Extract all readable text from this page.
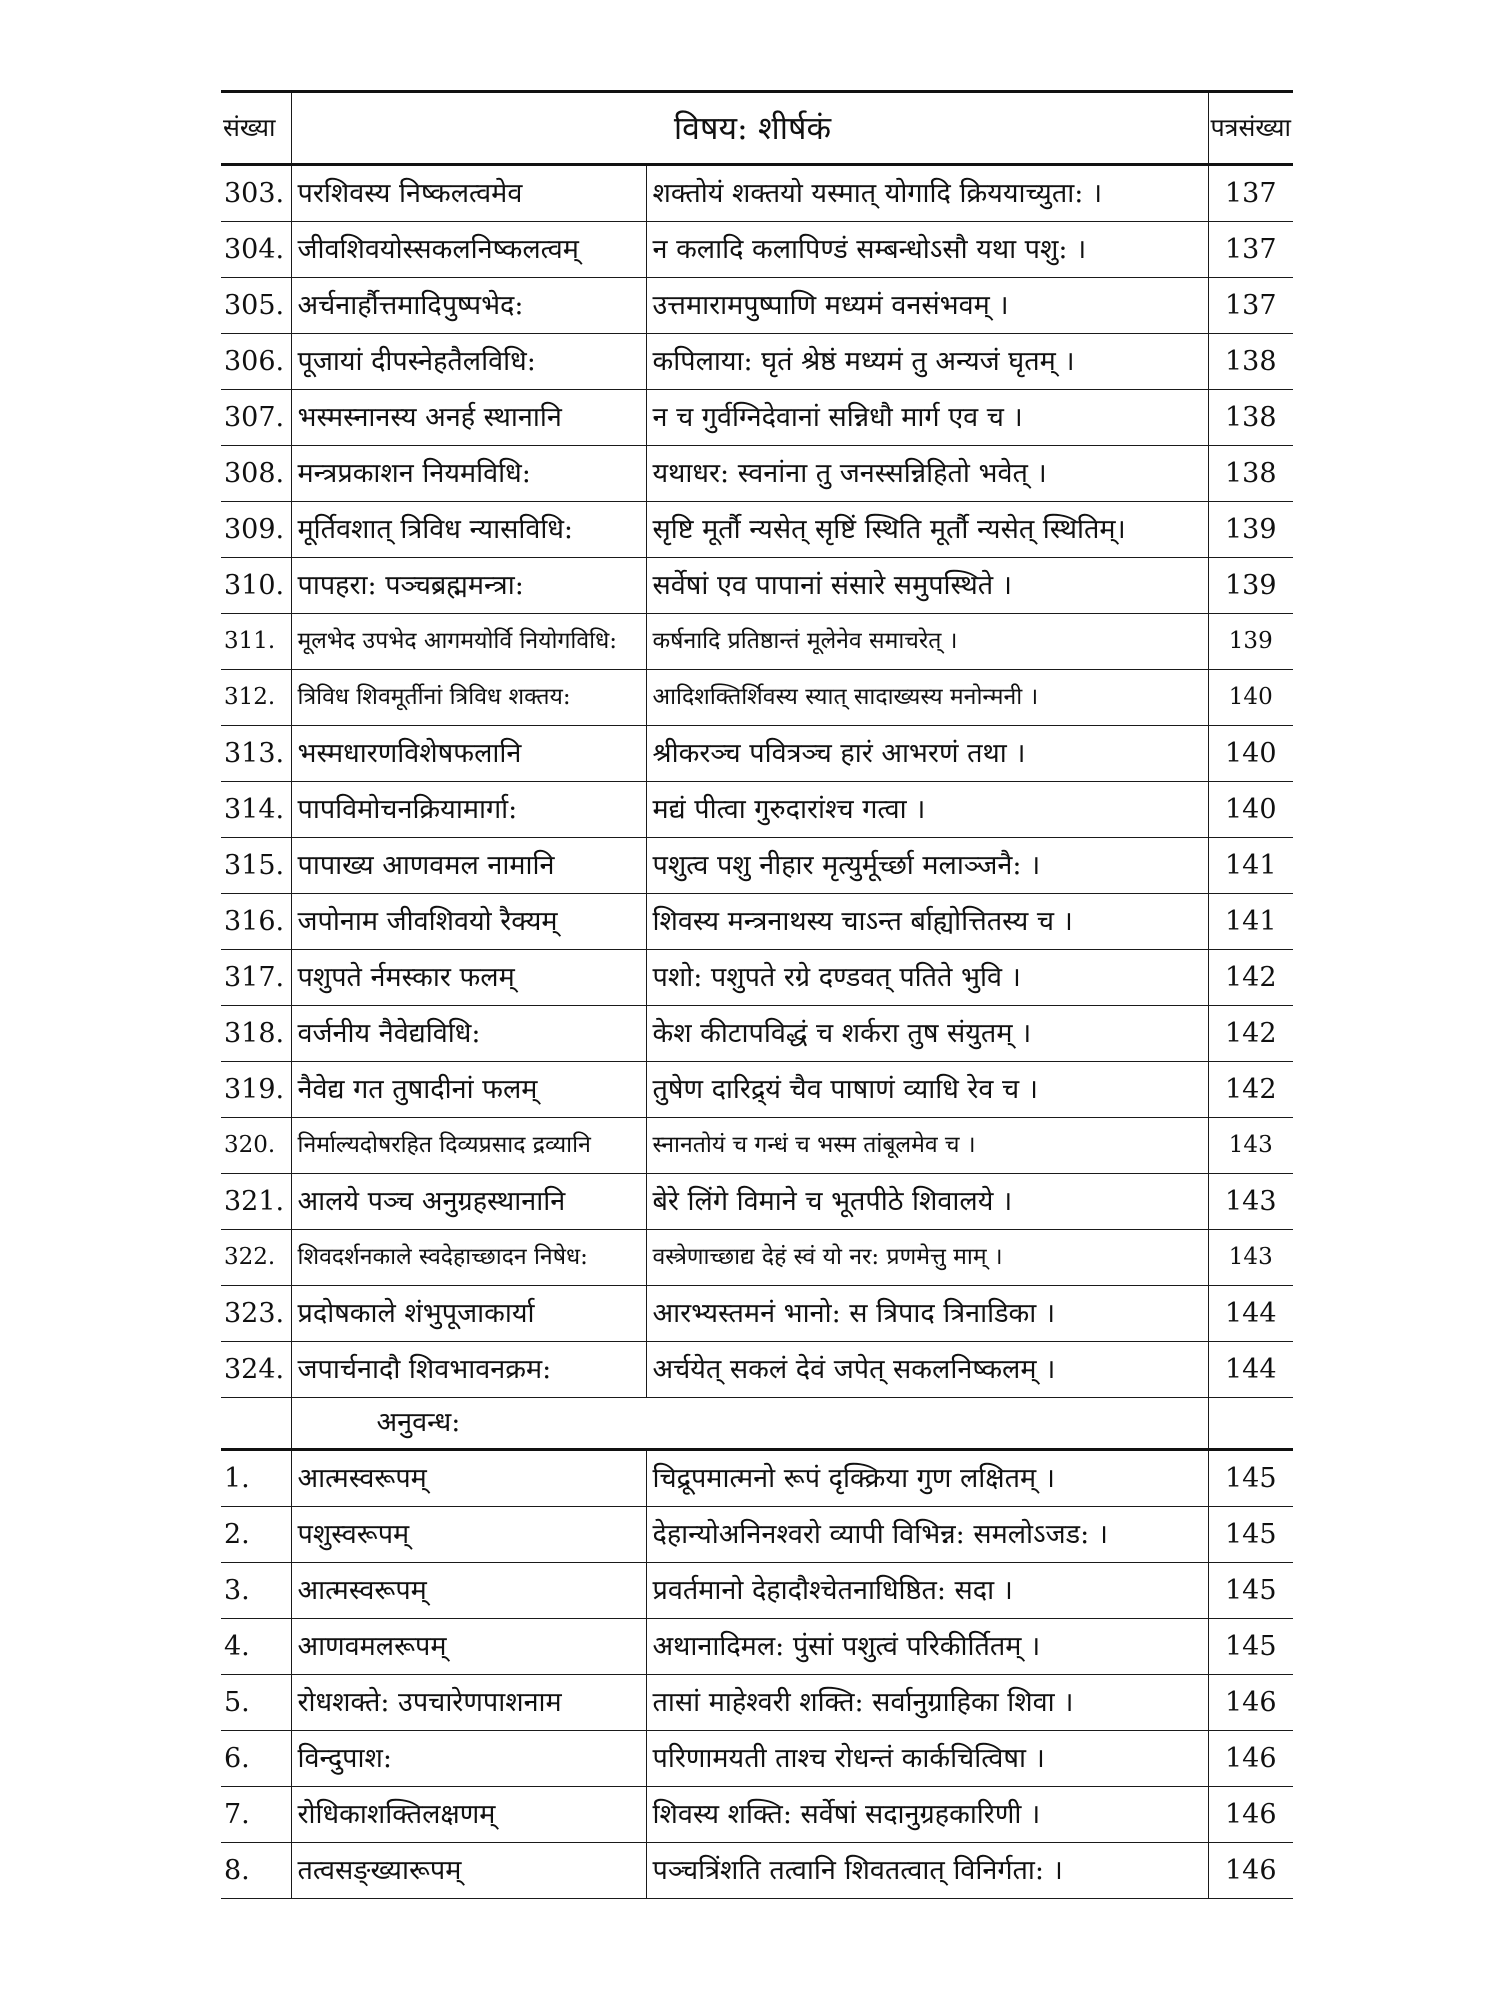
संख्या	विषय: शीर्षकं		पत्रसंख्या
303.	परशिवस्य निष्कलत्वमेव	शक्तोयं शक्तयो यस्मात् योगादि क्रिययाच्युता: ।	137
304.	जीवशिवयोस्सकलनिष्कलत्वम्	न कलादि कलापिण्डं सम्बन्धोऽसौ यथा पशु: ।	137
305.	अर्चनार्हौत्तमादिपुष्पभेद:	उत्तमारामपुष्पाणि मध्यमं वनसंभवम् ।	137
306.	पूजायां दीपस्नेहतैलविधि:	कपिलाया: घृतं श्रेष्ठं मध्यमं तु अन्यजं घृतम् ।	138
307.	भस्मस्नानस्य अनर्ह स्थानानि	न च गुर्वग्निदेवानां सन्निधौ मार्ग एव च ।	138
308.	मन्त्रप्रकाशन नियमविधि:	यथाधर: स्वनांना तु जनस्सन्निहितो भवेत् ।	138
309.	मूर्तिवशात् त्रिविध न्यासविधि:	सृष्टि मूर्तौ न्यसेत् सृष्टिं स्थिति मूर्तौ न्यसेत् स्थितिम्।	139
310.	पापहरा: पञ्चब्रह्ममन्त्रा:	सर्वेषां एव पापानां संसारे समुपस्थिते ।	139
311.	मूलभेद उपभेद आगमयोर्वि नियोगविधि:	कर्षनादि प्रतिष्ठान्तं मूलेनेव समाचरेत् ।	139
312.	त्रिविध शिवमूर्तीनां त्रिविध शक्तय:	आदिशक्तिर्शिवस्य स्यात् सादाख्यस्य मनोन्मनी ।	140
313.	भस्मधारणविशेषफलानि	श्रीकरञ्च पवित्रञ्च हारं आभरणं तथा ।	140
314.	पापविमोचनक्रियामार्गा:	मद्यं पीत्वा गुरुदारांश्च गत्वा ।	140
315.	पापाख्य आणवमल नामानि	पशुत्व पशु नीहार मृत्युर्मूर्च्छा मलाञ्जनै: ।	141
316.	जपोनाम जीवशिवयो रैक्यम्	शिवस्य मन्त्रनाथस्य चाऽन्त र्बाह्योत्तितस्य च ।	141
317.	पशुपते र्नमस्कार फलम्	पशो: पशुपते रग्रे दण्डवत् पतिते भुवि ।	142
318.	वर्जनीय नैवेद्यविधि:	केश कीटापविद्धं च शर्करा तुष संयुतम् ।	142
319.	नैवेद्य गत तुषादीनां फलम्	तुषेण दारिद्र्यं चैव पाषाणं व्याधि रेव च ।	142
320.	निर्माल्यदोषरहित दिव्यप्रसाद द्रव्यानि	स्नानतोयं च गन्धं च भस्म तांबूलमेव च ।	143
321.	आलये पञ्च अनुग्रहस्थानानि	बेरे लिंगे विमाने च भूतपीठे शिवालये ।	143
322.	शिवदर्शनकाले स्वदेहाच्छादन निषेध:	वस्त्रेणाच्छाद्य देहं स्वं यो नर: प्रणमेत्तु माम् ।	143
323.	प्रदोषकाले शंभुपूजाकार्या	आरभ्यस्तमनं भानो: स त्रिपाद त्रिनाडिका ।	144
324.	जपार्चनादौ शिवभावनक्रम:	अर्चयेत् सकलं देवं जपेत् सकलनिष्कलम् ।	144
	अनुवन्ध:		
1.	आत्मस्वरूपम्	चिद्रूपमात्मनो रूपं दृक्क्रिया गुण लक्षितम् ।	145
2.	पशुस्वरूपम्	देहान्योअनिनश्वरो व्यापी विभिन्न: समलोऽजड: ।	145
3.	आत्मस्वरूपम्	प्रवर्तमानो देहादौश्चेतनाधिष्ठित: सदा ।	145
4.	आणवमलरूपम्	अथानादिमल: पुंसां पशुत्वं परिकीर्तितम् ।	145
5.	रोधशक्ते: उपचारेणपाशनाम	तासां माहेश्वरी शक्ति: सर्वानुग्राहिका शिवा ।	146
6.	विन्दुपाश:	परिणामयती ताश्च रोधन्तं कार्कचित्विषा ।	146
7.	रोधिकाशक्तिलक्षणम्	शिवस्य शक्ति: सर्वेषां सदानुग्रहकारिणी ।	146
8.	तत्वसङ्ख्यारूपम्	पञ्चत्रिंशति तत्वानि शिवतत्वात् विनिर्गता: ।	146
